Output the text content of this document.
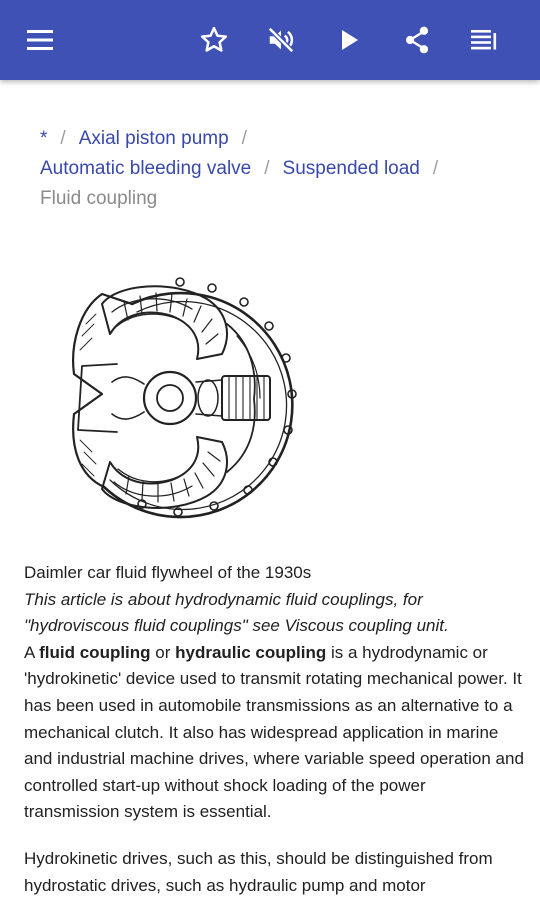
* / Axial piston pump /
Automatic bleeding valve / Suspended load /
Fluid coupling

Daimler car fluid flywheel of the 1930s

This article is about hydrodynamic fluid couplings, for "hydroviscous fluid couplings" see Viscous coupling unit.

A fluid coupling or hydraulic coupling is a hydrodynamic or 'hydrokinetic' device used to transmit rotating mechanical power. It has been used in automobile transmissions as an alternative to a mechanical clutch. It also has widespread application in marine and industrial machine drives, where variable speed operation and controlled start-up without shock loading of the power transmission system is essential.

Hydrokinetic drives, such as this, should be distinguished from hydrostatic drives, such as hydraulic pump and motor
